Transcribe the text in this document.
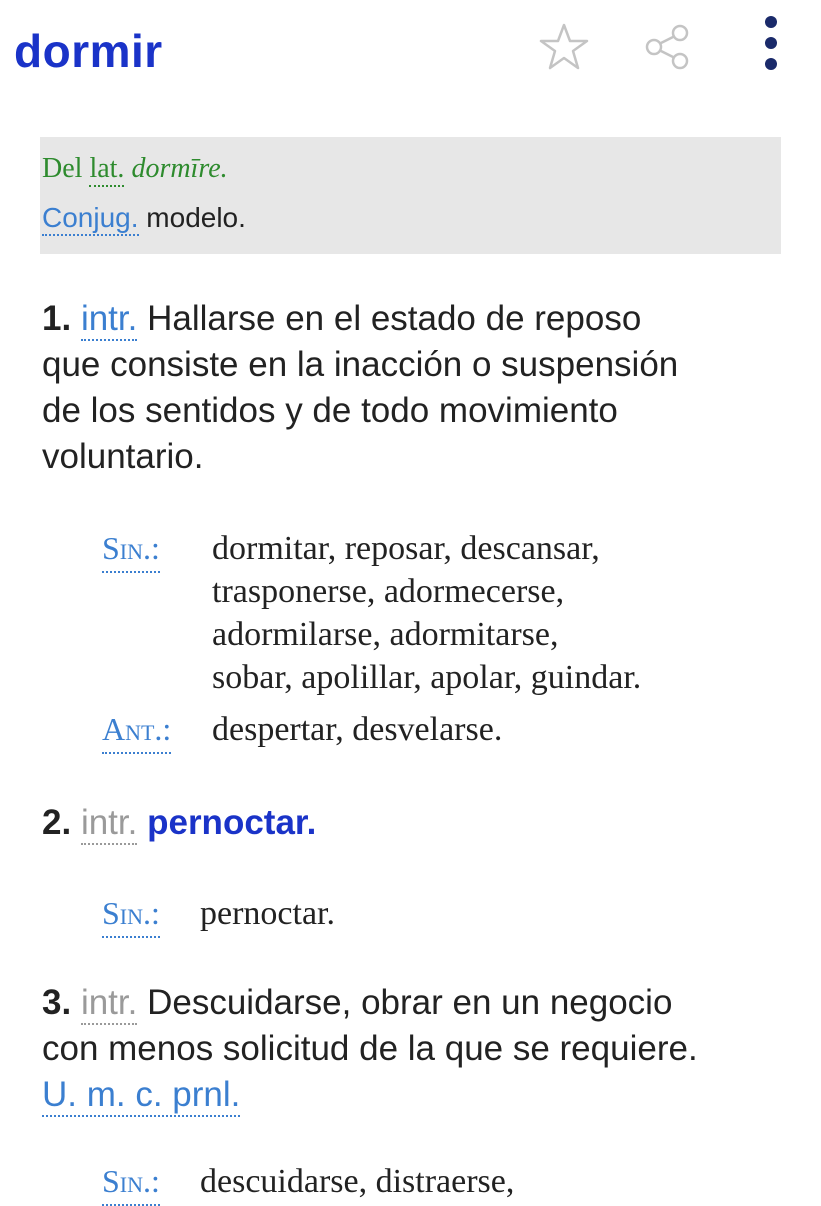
dormir
Del lat. dormīre.
Conjug. modelo.
1. intr. Hallarse en el estado de reposo
que consiste en la inacción o suspensión
de los sentidos y de todo movimiento
voluntario.
Sin.: dormitar, reposar, descansar,
trasponerse, adormecerse,
adormilarse, adormitarse,
sobar, apolillar, apolar, guindar.
Ant.: despertar, desvelarse.
2. intr. pernoctar.
Sin.: pernoctar.
3. intr. Descuidarse, obrar en un negocio
con menos solicitud de la que se requiere.
U. m. c. prnl.
Sin.: descuidarse, distraerse,
